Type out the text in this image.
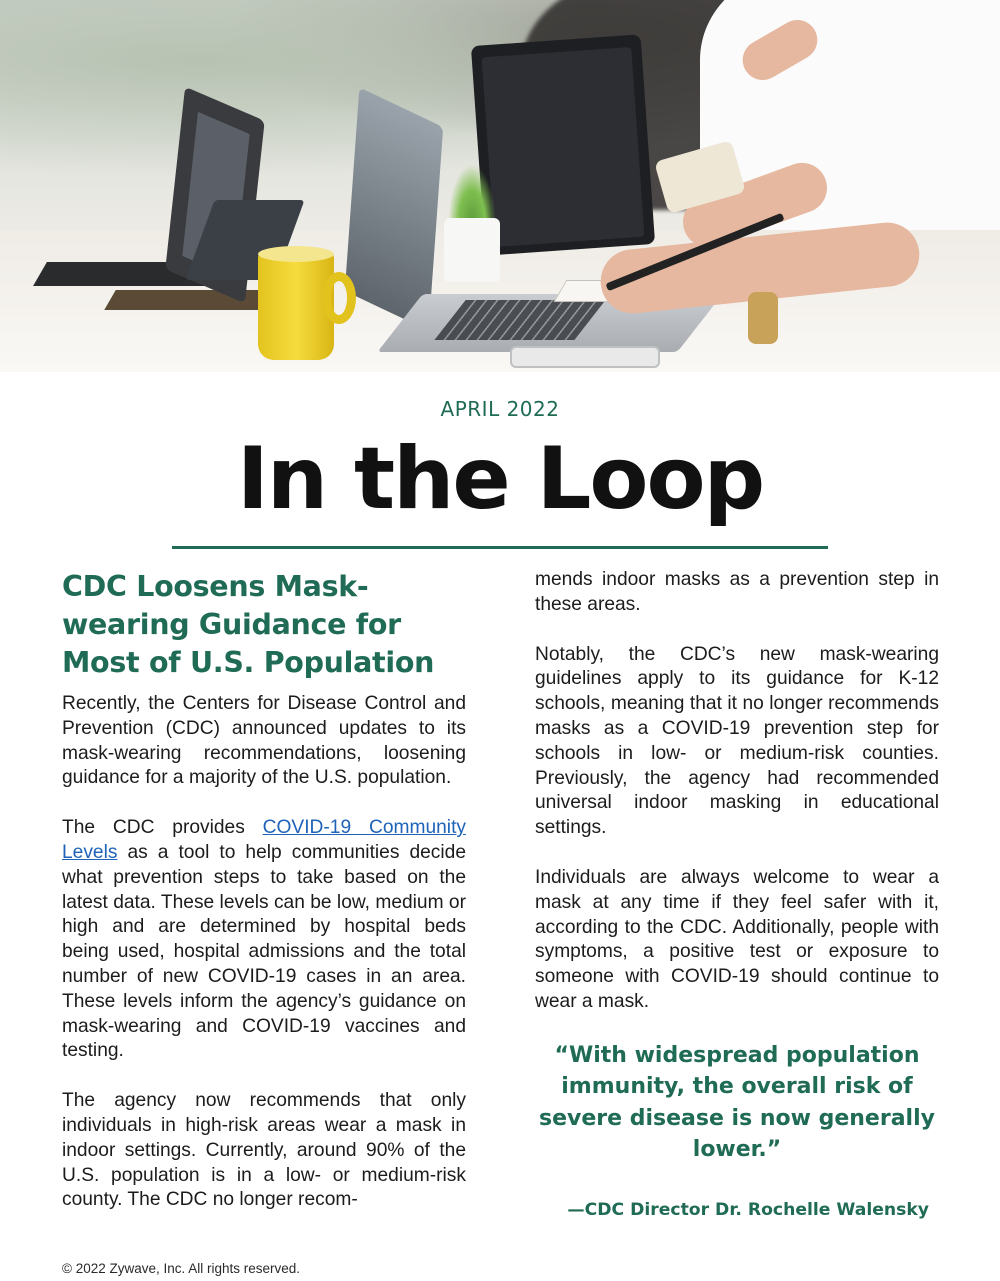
APRIL 2022
In the Loop
CDC Loosens Mask-wearing Guidance for Most of U.S. Population

Recently, the Centers for Disease Control and Prevention (CDC) announced updates to its mask-wearing recommendations, loosening guidance for a majority of the U.S. population.

The CDC provides COVID-19 Community Levels as a tool to help communities decide what prevention steps to take based on the latest data. These levels can be low, medium or high and are determined by hospital beds being used, hospital admissions and the total number of new COVID-19 cases in an area. These levels inform the agency’s guidance on mask-wearing and COVID-19 vaccines and testing.

The agency now recommends that only individuals in high-risk areas wear a mask in indoor settings. Currently, around 90% of the U.S. population is in a low- or medium-risk county. The CDC no longer recom-

mends indoor masks as a prevention step in these areas.

Notably, the CDC’s new mask-wearing guidelines apply to its guidance for K-12 schools, meaning that it no longer recommends masks as a COVID-19 prevention step for schools in low- or medium-risk counties. Previously, the agency had recommended universal indoor masking in educational settings.

Individuals are always welcome to wear a mask at any time if they feel safer with it, according to the CDC. Additionally, people with symptoms, a positive test or exposure to someone with COVID-19 should continue to wear a mask.

“With widespread population immunity, the overall risk of severe disease is now generally lower.”
—CDC Director Dr. Rochelle Walensky
© 2022 Zywave, Inc. All rights reserved.
